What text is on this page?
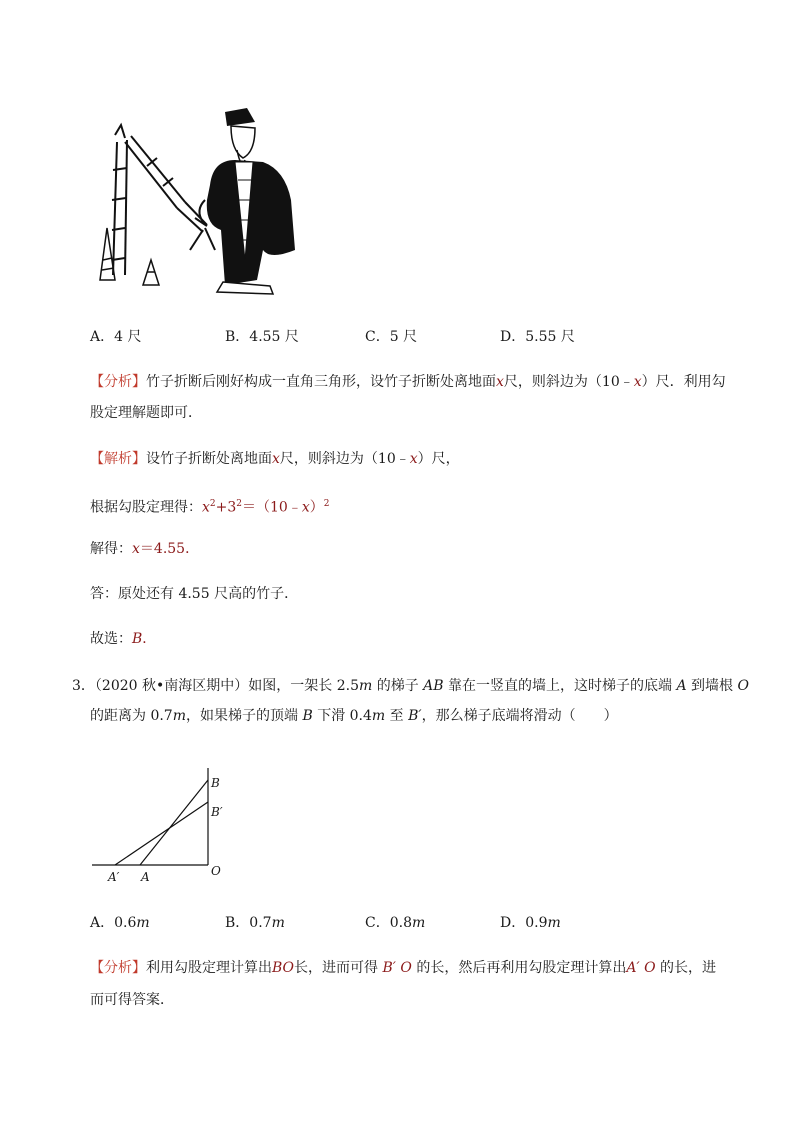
A．4 尺	B．4.55 尺	C．5 尺	D．5.55 尺
【分析】竹子折断后刚好构成一直角三角形，设竹子折断处离地面x尺，则斜边为（10﹣x）尺．利用勾
股定理解题即可．
【解析】设竹子折断处离地面x尺，则斜边为（10﹣x）尺，
根据勾股定理得：$x^2+3^2=(10﹣x)^2$
解得：x＝4.55．
答：原处还有 4.55 尺高的竹子．
故选：B．
3．（2020 秋•南海区期中）如图，一架长 2.5m 的梯子 AB 靠在一竖直的墙上，这时梯子的底端 A 到墙根 O
的距离为 0.7m，如果梯子的顶端 B 下滑 0.4m 至 B′，那么梯子底端将滑动（　　）
B
B′
O
A′ A
A．0.6m	B．0.7m	C．0.8m	D．0.9m
【分析】利用勾股定理计算出BO长，进而可得 B′ O 的长，然后再利用勾股定理计算出A′ O 的长，进
而可得答案．
